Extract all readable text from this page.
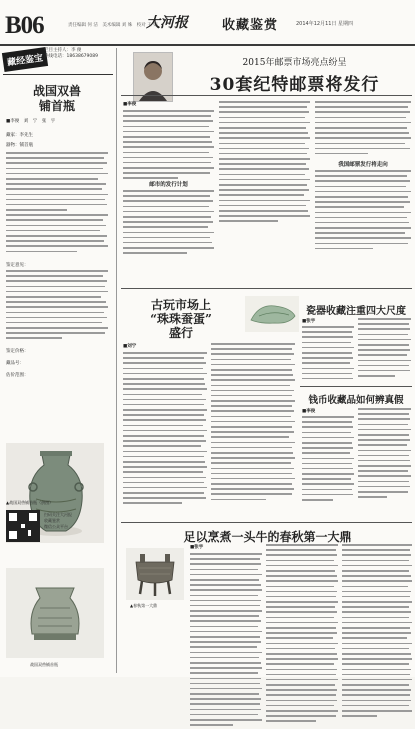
B06	责任编辑 何 洁　美术编辑 刘 姝　校对 王 娟
大河报	收藏鉴赏	2014年12月11日 星期四
藏经鉴宝
栏目主持人：李 俊
热线电话：18638679089
战国双兽
铺首瓶
■李俊　刘　宁　张　宇
藏家：李先生
器物：铺首瓶
鉴定意见：
鉴定价格：
藏品号：
估价范围：
▲战国双兽铺首瓶（供图）
扫码关注大河报
收藏鉴赏
微信公众平台
战国双兽铺首瓶
2015年邮票市场亮点纷呈
30套纪特邮票将发行
■李俊
邮市的发行计划
我国邮票发行将走向
古玩市场上
“珠珠蚕蛋”
盛行
■刘宁
瓷器收藏注重四大尺度
■张宇
钱币收藏品如何辨真假
■李俊
足以烹煮一头牛的春秋第一大鼎
▲春秋第一大鼎
■张宇
